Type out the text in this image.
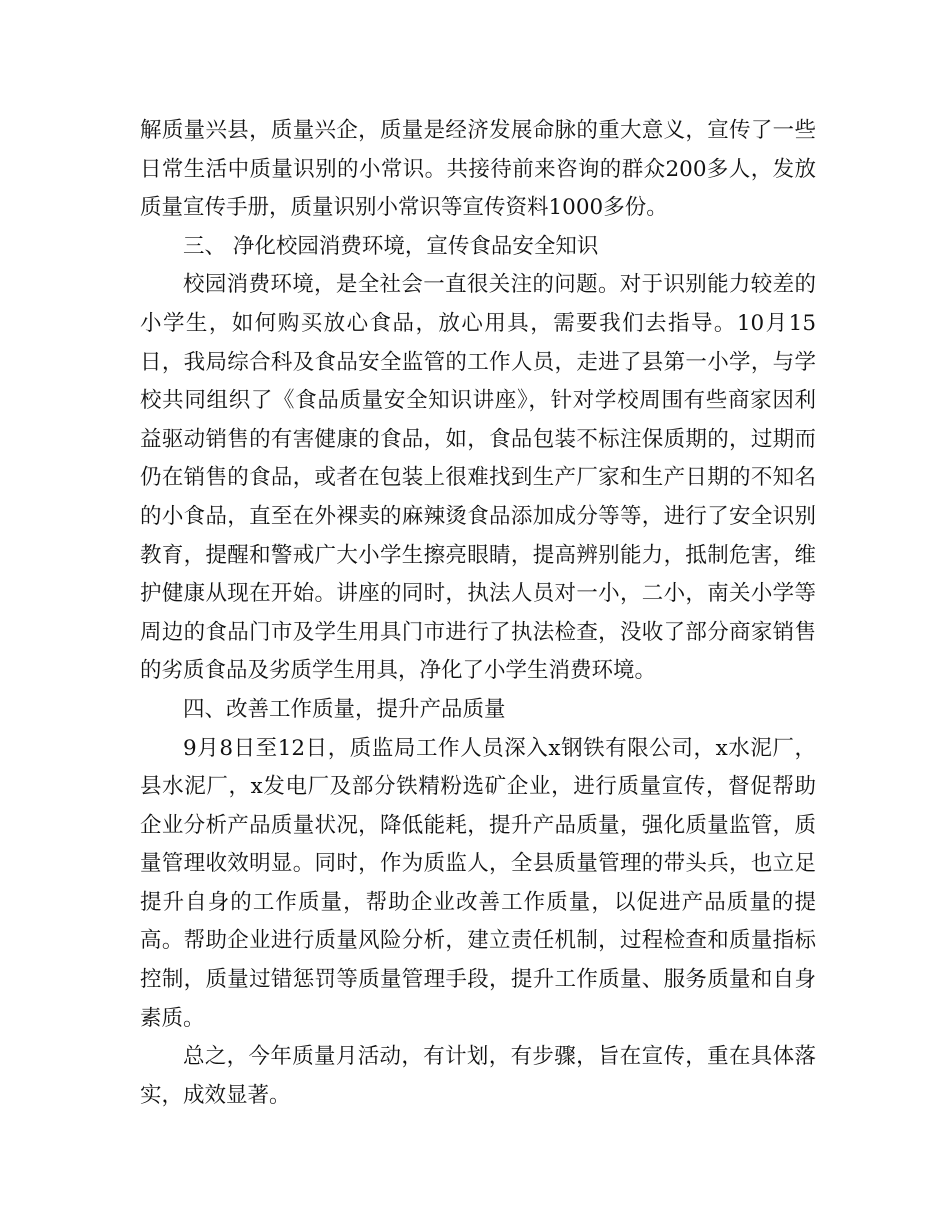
解质量兴县，质量兴企，质量是经济发展命脉的重大意义，宣传了一些日常生活中质量识别的小常识。共接待前来咨询的群众200多人，发放质量宣传手册，质量识别小常识等宣传资料1000多份。

三、 净化校园消费环境，宣传食品安全知识

校园消费环境，是全社会一直很关注的问题。对于识别能力较差的小学生，如何购买放心食品，放心用具，需要我们去指导。10月15日，我局综合科及食品安全监管的工作人员，走进了县第一小学，与学校共同组织了《食品质量安全知识讲座》，针对学校周围有些商家因利益驱动销售的有害健康的食品，如，食品包装不标注保质期的，过期而仍在销售的食品，或者在包装上很难找到生产厂家和生产日期的不知名的小食品，直至在外裸卖的麻辣烫食品添加成分等等，进行了安全识别教育，提醒和警戒广大小学生擦亮眼睛，提高辨别能力，抵制危害，维护健康从现在开始。讲座的同时，执法人员对一小，二小，南关小学等周边的食品门市及学生用具门市进行了执法检查，没收了部分商家销售的劣质食品及劣质学生用具，净化了小学生消费环境。

四、改善工作质量，提升产品质量

9月8日至12日，质监局工作人员深入x钢铁有限公司，x水泥厂，县水泥厂，x发电厂及部分铁精粉选矿企业，进行质量宣传，督促帮助企业分析产品质量状况，降低能耗，提升产品质量，强化质量监管，质量管理收效明显。同时，作为质监人，全县质量管理的带头兵，也立足提升自身的工作质量，帮助企业改善工作质量，以促进产品质量的提高。帮助企业进行质量风险分析，建立责任机制，过程检查和质量指标控制，质量过错惩罚等质量管理手段，提升工作质量、服务质量和自身素质。

总之，今年质量月活动，有计划，有步骤，旨在宣传，重在具体落实，成效显著。
